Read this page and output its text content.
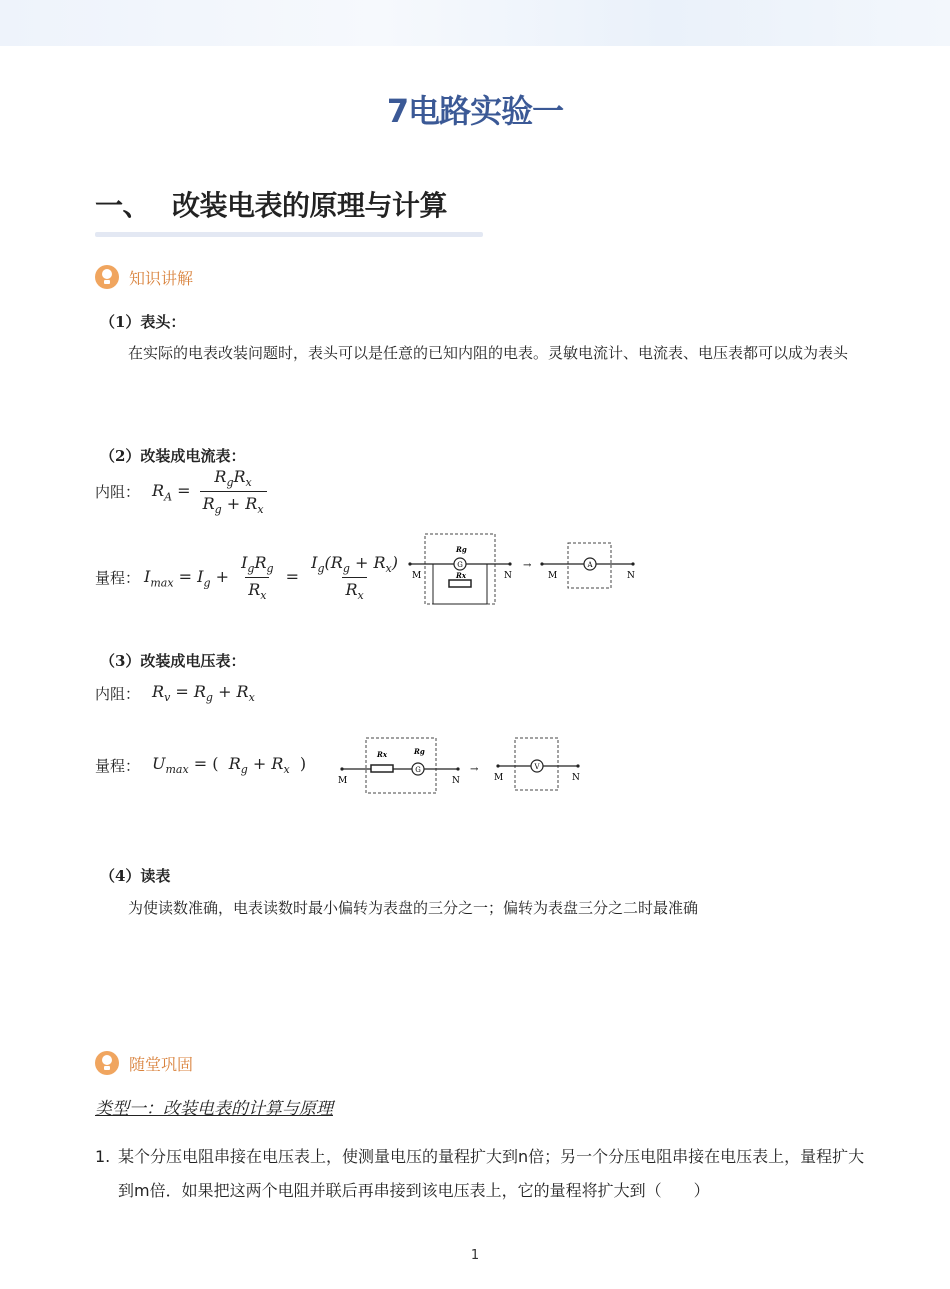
7电路实验一
一、 改装电表的原理与计算
知识讲解
（1）表头：
在实际的电表改装问题时，表头可以是任意的已知内阻的电表。灵敏电流计、电流表、电压表都可以成为表头
（2）改装成电流表：
内阻： $R_A = \frac{R_gR_x}{R_g + R_x}$
量程： $I_{max} = I_g + \frac{I_gR_g}{R_x} = \frac{I_g(R_g + R_x)}{R_x}$	G
Rg
Rx
M	N
→	A
M	N
（3）改装成电压表：
内阻： $R_v = R_g + R_x$
量程： $U_{max}$ = (  $R_g + R_x$  )	Rx
G
Rg
M	N
→	V
M	N
（4）读表
为使读数准确，电表读数时最小偏转为表盘的三分之一；偏转为表盘三分之二时最准确
随堂巩固
类型一：改装电表的计算与原理
1. 某个分压电阻串接在电压表上，使测量电压的量程扩大到n倍；另一个分压电阻串接在电压表上，量程扩大到m倍．如果把这两个电阻并联后再串接到该电压表上，它的量程将扩大到（　　）
1
